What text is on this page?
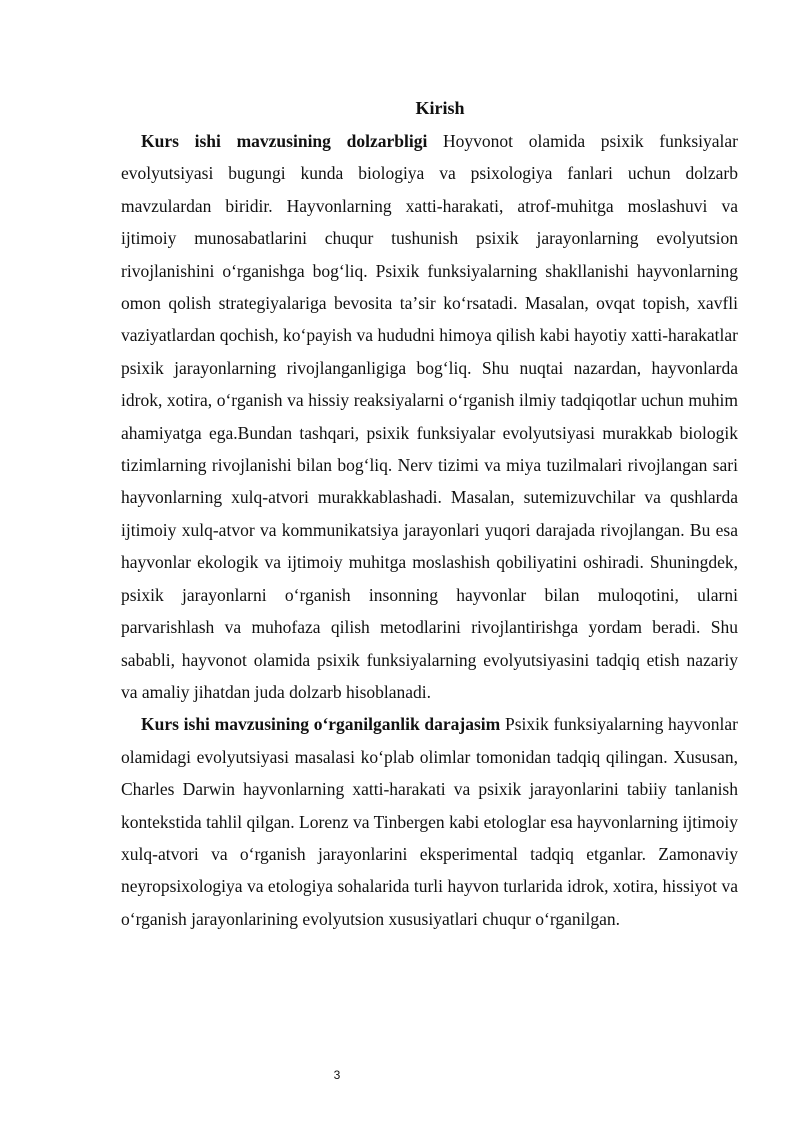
Kirish

Kurs ishi mavzusining dolzarbligi Hoyvonot olamida psixik funksiyalar evolyutsiyasi bugungi kunda biologiya va psixologiya fanlari uchun dolzarb mavzulardan biridir. Hayvonlarning xatti-harakati, atrof-muhitga moslashuvi va ijtimoiy munosabatlarini chuqur tushunish psixik jarayonlarning evolyutsion rivojlanishini oʻrganishga bogʻliq. Psixik funksiyalarning shakllanishi hayvonlarning omon qolish strategiyalariga bevosita taʼsir koʻrsatadi. Masalan, ovqat topish, xavfli vaziyatlardan qochish, koʻpayish va hududni himoya qilish kabi hayotiy xatti-harakatlar psixik jarayonlarning rivojlanganligiga bogʻliq. Shu nuqtai nazardan, hayvonlarda idrok, xotira, oʻrganish va hissiy reaksiyalarni oʻrganish ilmiy tadqiqotlar uchun muhim ahamiyatga ega.Bundan tashqari, psixik funksiyalar evolyutsiyasi murakkab biologik tizimlarning rivojlanishi bilan bogʻliq. Nerv tizimi va miya tuzilmalari rivojlangan sari hayvonlarning xulq-atvori murakkablashadi. Masalan, sutemizuvchilar va qushlarda ijtimoiy xulq-atvor va kommunikatsiya jarayonlari yuqori darajada rivojlangan. Bu esa hayvonlar ekologik va ijtimoiy muhitga moslashish qobiliyatini oshiradi. Shuningdek, psixik jarayonlarni oʻrganish insonning hayvonlar bilan muloqotini, ularni parvarishlash va muhofaza qilish metodlarini rivojlantirishga yordam beradi. Shu sababli, hayvonot olamida psixik funksiyalarning evolyutsiyasini tadqiq etish nazariy va amaliy jihatdan juda dolzarb hisoblanadi.

Kurs ishi mavzusining oʻrganilganlik darajasim Psixik funksiyalarning hayvonlar olamidagi evolyutsiyasi masalasi koʻplab olimlar tomonidan tadqiq qilingan. Xususan, Charles Darwin hayvonlarning xatti-harakati va psixik jarayonlarini tabiiy tanlanish kontekstida tahlil qilgan. Lorenz va Tinbergen kabi etologlar esa hayvonlarning ijtimoiy xulq-atvori va oʻrganish jarayonlarini eksperimental tadqiq etganlar. Zamonaviy neyropsixologiya va etologiya sohalarida turli hayvon turlarida idrok, xotira, hissiyot va oʻrganish jarayonlarining evolyutsion xususiyatlari chuqur oʻrganilgan.

3
